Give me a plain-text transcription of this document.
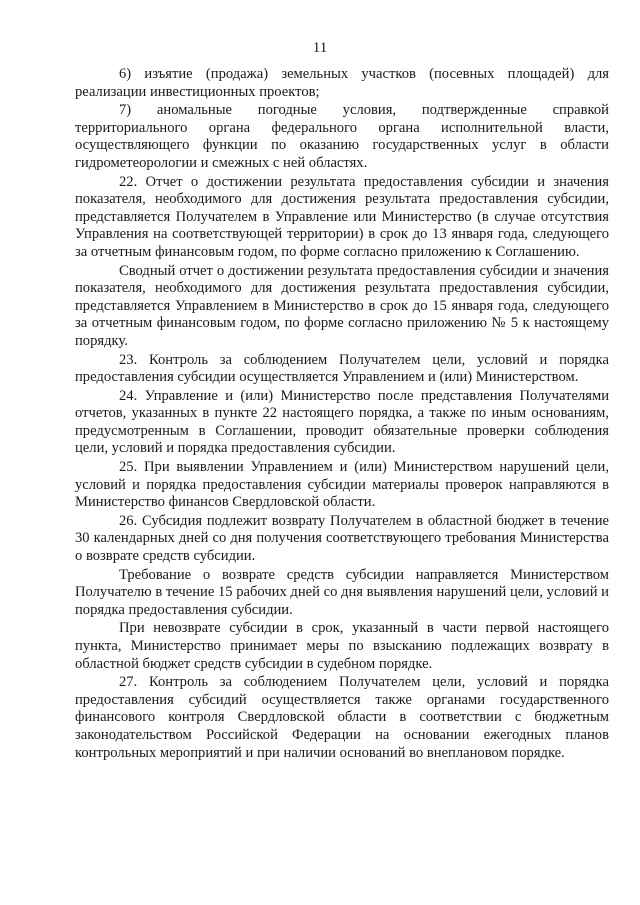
11

6) изъятие (продажа) земельных участков (посевных площадей) для реализации инвестиционных проектов;

7) аномальные погодные условия, подтвержденные справкой территориального органа федерального органа исполнительной власти, осуществляющего функции по оказанию государственных услуг в области гидрометеорологии и смежных с ней областях.

22. Отчет о достижении результата предоставления субсидии и значения показателя, необходимого для достижения результата предоставления субсидии, представляется Получателем в Управление или Министерство (в случае отсутствия Управления на соответствующей территории) в срок до 13 января года, следующего за отчетным финансовым годом, по форме согласно приложению к Соглашению.

Сводный отчет о достижении результата предоставления субсидии и значения показателя, необходимого для достижения результата предоставления субсидии, представляется Управлением в Министерство в срок до 15 января года, следующего за отчетным финансовым годом, по форме согласно приложению № 5 к настоящему порядку.

23. Контроль за соблюдением Получателем цели, условий и порядка предоставления субсидии осуществляется Управлением и (или) Министерством.

24. Управление и (или) Министерство после представления Получателями отчетов, указанных в пункте 22 настоящего порядка, а также по иным основаниям, предусмотренным в Соглашении, проводит обязательные проверки соблюдения цели, условий и порядка предоставления субсидии.

25. При выявлении Управлением и (или) Министерством нарушений цели, условий и порядка предоставления субсидии материалы проверок направляются в Министерство финансов Свердловской области.

26. Субсидия подлежит возврату Получателем в областной бюджет в течение 30 календарных дней со дня получения соответствующего требования Министерства о возврате средств субсидии.

Требование о возврате средств субсидии направляется Министерством Получателю в течение 15 рабочих дней со дня выявления нарушений цели, условий и порядка предоставления субсидии.

При невозврате субсидии в срок, указанный в части первой настоящего пункта, Министерство принимает меры по взысканию подлежащих возврату в областной бюджет средств субсидии в судебном порядке.

27. Контроль за соблюдением Получателем цели, условий и порядка предоставления субсидий осуществляется также органами государственного финансового контроля Свердловской области в соответствии с бюджетным законодательством Российской Федерации на основании ежегодных планов контрольных мероприятий и при наличии оснований во внеплановом порядке.
